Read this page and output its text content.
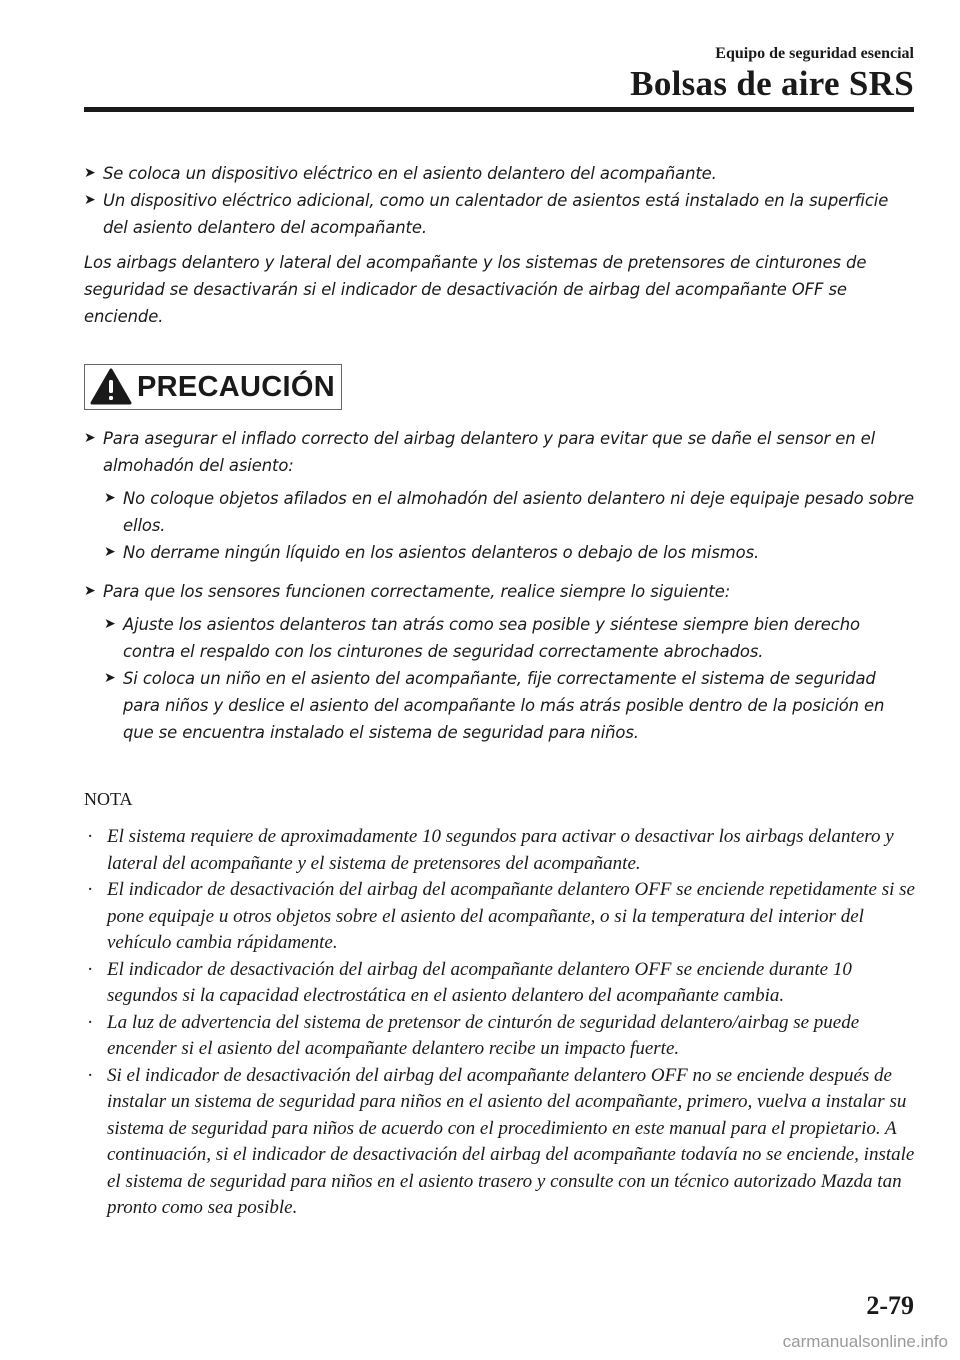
Equipo de seguridad esencial
Bolsas de aire SRS
➤ Se coloca un dispositivo eléctrico en el asiento delantero del acompañante.
➤ Un dispositivo eléctrico adicional, como un calentador de asientos está instalado en la superficie del asiento delantero del acompañante.
Los airbags delantero y lateral del acompañante y los sistemas de pretensores de cinturones de seguridad se desactivarán si el indicador de desactivación de airbag del acompañante OFF se enciende.
PRECAUCIÓN
➤ Para asegurar el inflado correcto del airbag delantero y para evitar que se dañe el sensor en el almohadón del asiento:
➤ No coloque objetos afilados en el almohadón del asiento delantero ni deje equipaje pesado sobre ellos.
➤ No derrame ningún líquido en los asientos delanteros o debajo de los mismos.
➤ Para que los sensores funcionen correctamente, realice siempre lo siguiente:
➤ Ajuste los asientos delanteros tan atrás como sea posible y siéntese siempre bien derecho contra el respaldo con los cinturones de seguridad correctamente abrochados.
➤ Si coloca un niño en el asiento del acompañante, fije correctamente el sistema de seguridad para niños y deslice el asiento del acompañante lo más atrás posible dentro de la posición en que se encuentra instalado el sistema de seguridad para niños.
NOTA
· El sistema requiere de aproximadamente 10 segundos para activar o desactivar los airbags delantero y lateral del acompañante y el sistema de pretensores del acompañante.
· El indicador de desactivación del airbag del acompañante delantero OFF se enciende repetidamente si se pone equipaje u otros objetos sobre el asiento del acompañante, o si la temperatura del interior del vehículo cambia rápidamente.
· El indicador de desactivación del airbag del acompañante delantero OFF se enciende durante 10 segundos si la capacidad electrostática en el asiento delantero del acompañante cambia.
· La luz de advertencia del sistema de pretensor de cinturón de seguridad delantero/airbag se puede encender si el asiento del acompañante delantero recibe un impacto fuerte.
· Si el indicador de desactivación del airbag del acompañante delantero OFF no se enciende después de instalar un sistema de seguridad para niños en el asiento del acompañante, primero, vuelva a instalar su sistema de seguridad para niños de acuerdo con el procedimiento en este manual para el propietario. A continuación, si el indicador de desactivación del airbag del acompañante todavía no se enciende, instale el sistema de seguridad para niños en el asiento trasero y consulte con un técnico autorizado Mazda tan pronto como sea posible.
2-79
carmanualsonline.info
